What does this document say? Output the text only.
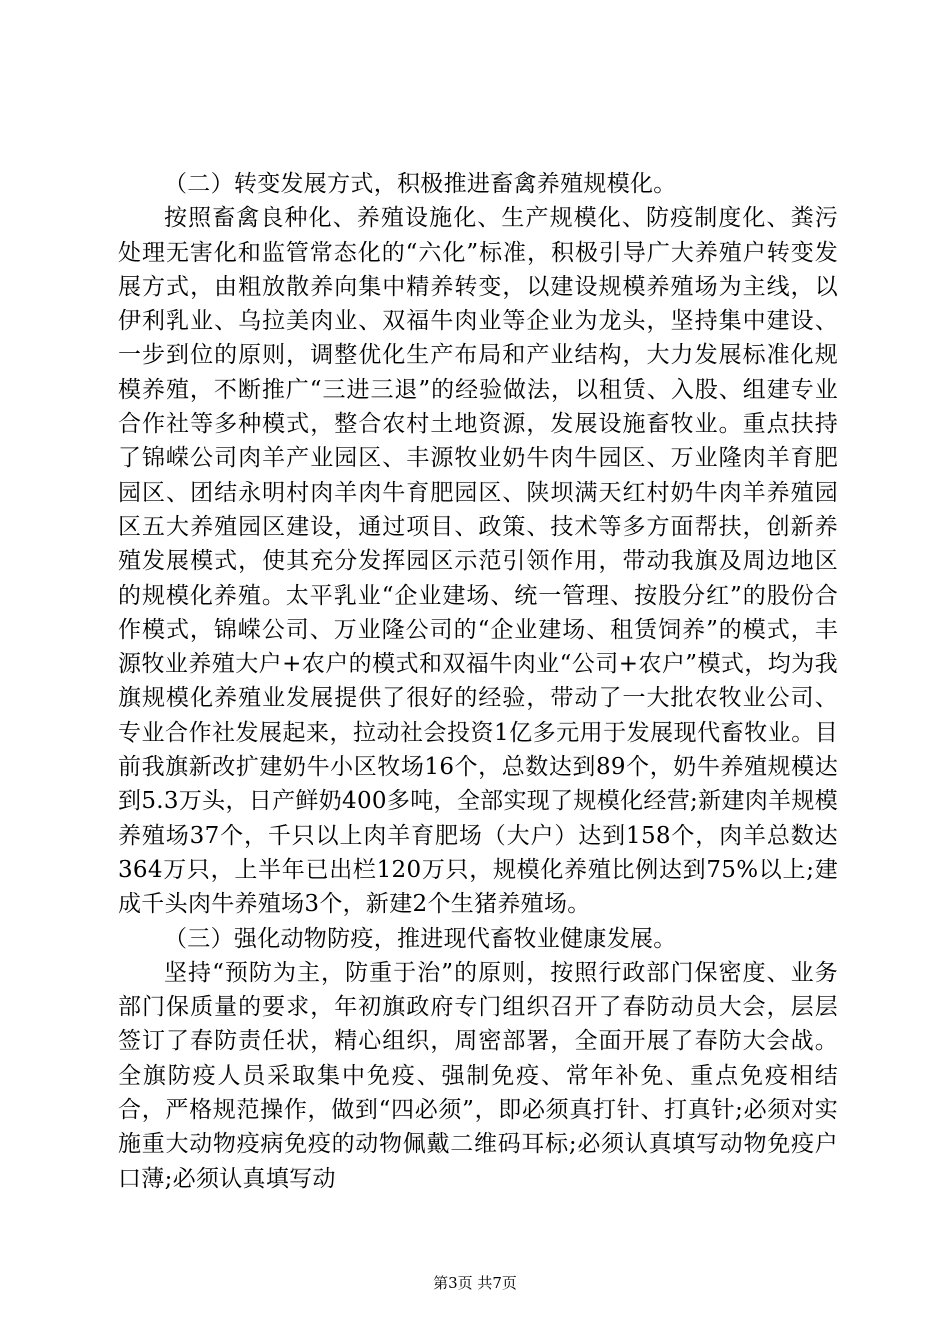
（二）转变发展方式，积极推进畜禽养殖规模化。

按照畜禽良种化、养殖设施化、生产规模化、防疫制度化、粪污处理无害化和监管常态化的“六化”标准，积极引导广大养殖户转变发展方式，由粗放散养向集中精养转变，以建设规模养殖场为主线，以伊利乳业、乌拉美肉业、双福牛肉业等企业为龙头，坚持集中建设、一步到位的原则，调整优化生产布局和产业结构，大力发展标准化规模养殖，不断推广“三进三退”的经验做法，以租赁、入股、组建专业合作社等多种模式，整合农村土地资源，发展设施畜牧业。重点扶持了锦嵘公司肉羊产业园区、丰源牧业奶牛肉牛园区、万业隆肉羊育肥园区、团结永明村肉羊肉牛育肥园区、陕坝满天红村奶牛肉羊养殖园区五大养殖园区建设，通过项目、政策、技术等多方面帮扶，创新养殖发展模式，使其充分发挥园区示范引领作用，带动我旗及周边地区的规模化养殖。太平乳业“企业建场、统一管理、按股分红”的股份合作模式，锦嵘公司、万业隆公司的“企业建场、租赁饲养”的模式，丰源牧业养殖大户+农户的模式和双福牛肉业“公司+农户”模式，均为我旗规模化养殖业发展提供了很好的经验，带动了一大批农牧业公司、专业合作社发展起来，拉动社会投资1亿多元用于发展现代畜牧业。目前我旗新改扩建奶牛小区牧场16个，总数达到89个，奶牛养殖规模达到5.3万头，日产鲜奶400多吨，全部实现了规模化经营;新建肉羊规模养殖场37个，千只以上肉羊育肥场（大户）达到158个，肉羊总数达364万只，上半年已出栏120万只，规模化养殖比例达到75%以上;建成千头肉牛养殖场3个，新建2个生猪养殖场。

（三）强化动物防疫，推进现代畜牧业健康发展。

坚持“预防为主，防重于治”的原则，按照行政部门保密度、业务部门保质量的要求，年初旗政府专门组织召开了春防动员大会，层层签订了春防责任状，精心组织，周密部署，全面开展了春防大会战。全旗防疫人员采取集中免疫、强制免疫、常年补免、重点免疫相结合，严格规范操作，做到“四必须”，即必须真打针、打真针;必须对实施重大动物疫病免疫的动物佩戴二维码耳标;必须认真填写动物免疫户口薄;必须认真填写动

第3页 共7页
